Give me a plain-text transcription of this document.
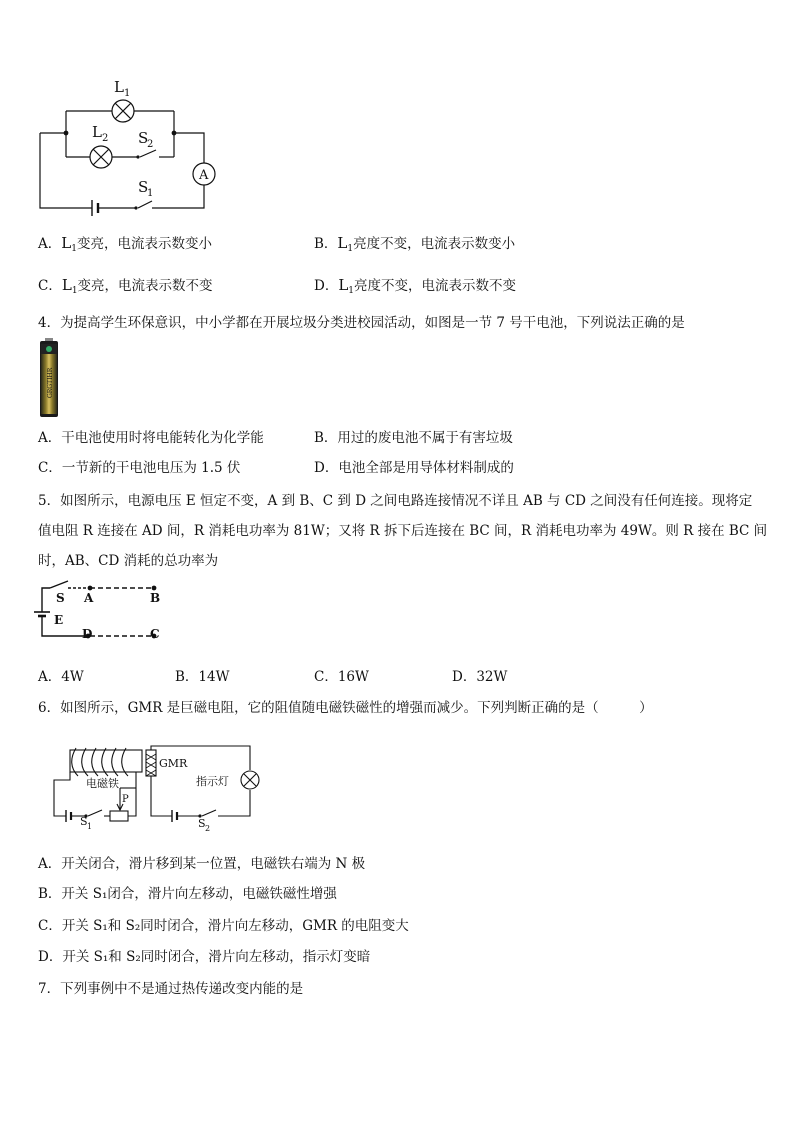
A
L 1
L 2 S
2
S
1
A．$L_1$变亮，电流表示数变小	B．$L_1$亮度不变，电流表示数变小
C．$L_1$变亮，电流表示数不变	D．$L_1$亮度不变，电流表示数不变
4．为提高学生环保意识，中小学都在开展垃圾分类进校园活动，如图是一节 7 号干电池，下列说法正确的是
GRGTIHR
A．干电池使用时将电能转化为化学能	B．用过的废电池不属于有害垃圾
C．一节新的干电池电压为 1.5 伏	D．电池全部是用导体材料制成的
5．如图所示，电源电压 E 恒定不变，A 到 B、C 到 D 之间电路连接情况不详且 AB 与 CD 之间没有任何连接。现将定
值电阻 R 连接在 AD 间，R 消耗电功率为 81W；又将 R 拆下后连接在 BC 间，R 消耗电功率为 49W。则 R 接在 BC 间
时，AB、CD 消耗的总功率为
S A	B
E
D	C
A．4W	B．14W	C．16W	D．32W
6．如图所示，GMR 是巨磁电阻，它的阻值随电磁铁磁性的增强而减少。下列判断正确的是（　　　）
GMR
指示灯
电磁铁
P
S 1	S 2
A．开关闭合，滑片移到某一位置，电磁铁右端为 N 极
B．开关 S₁闭合，滑片向左移动，电磁铁磁性增强
C．开关 S₁和 S₂同时闭合，滑片向左移动，GMR 的电阻变大
D．开关 S₁和 S₂同时闭合，滑片向左移动，指示灯变暗
7．下列事例中不是通过热传递改变内能的是
